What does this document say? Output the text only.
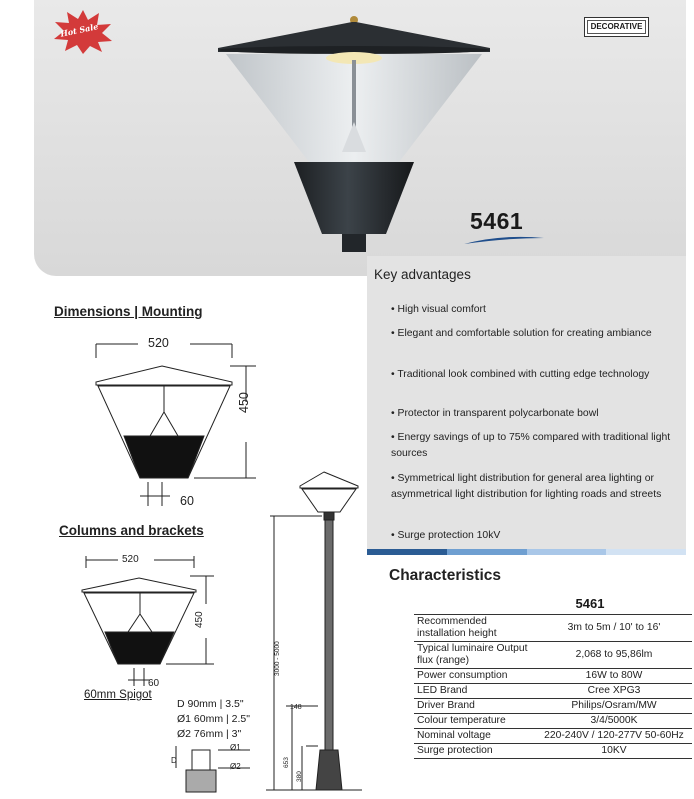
Hot Sale	DECORATIVE
5461
Key advantages
• High visual comfort
• Elegant and comfortable solution for creating ambiance
• Traditional look combined with cutting edge technology
• Protector in transparent polycarbonate bowl
• Energy savings of up to 75% compared with traditional light sources
• Symmetrical light distribution for general area lighting or asymmetrical light distribution for lighting roads and streets
• Surge protection 10kV
Dimensions | Mounting
520
450
60
Columns and brackets
520
450
60
60mm Spigot
D 90mm | 3.5"
Ø1 60mm | 2.5"
Ø2 76mm | 3"
D
Ø1
Ø2
3000 - 5000
148
653
380
Characteristics
5461
Recommended installation height	3m to 5m / 10' to 16'
Typical luminaire Output flux (range)	2,068 to 95,86lm
Power consumption	16W to 80W
LED Brand	Cree XPG3
Driver Brand	Philips/Osram/MW
Colour temperature	3/4/5000K
Nominal voltage	220-240V / 120-277V 50-60Hz
Surge protection	10KV
